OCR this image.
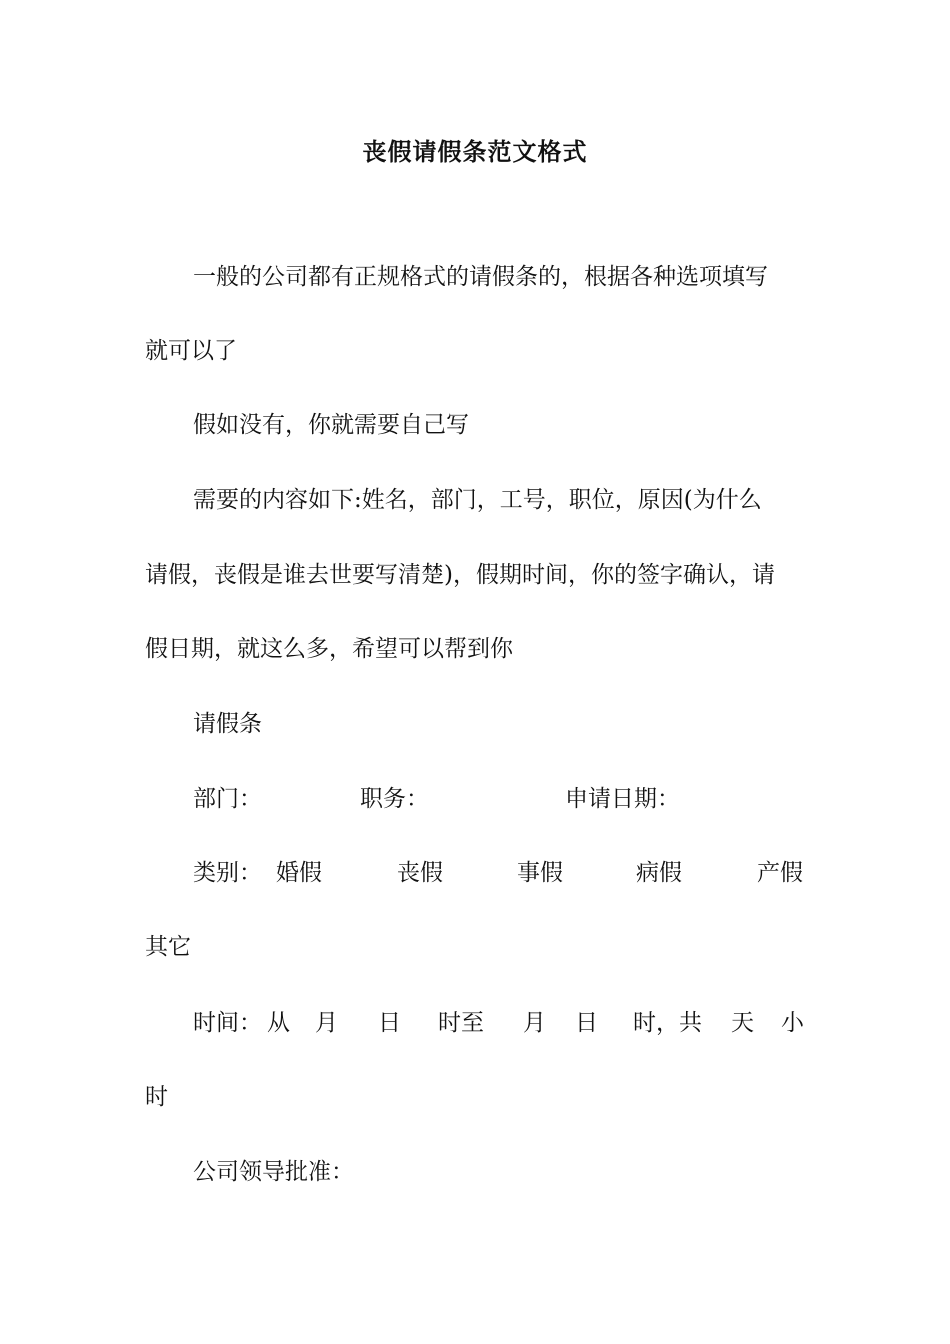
丧假请假条范文格式
一般的公司都有正规格式的请假条的，根据各种选项填写
就可以了
假如没有，你就需要自己写
需要的内容如下:姓名，部门，工号，职位，原因(为什么
请假，丧假是谁去世要写清楚)，假期时间，你的签字确认，请
假日期，就这么多，希望可以帮到你
请假条
部门：	职务：	申请日期：
类别： 婚假	丧假	事假	病假	产假
其它
时间： 从 月 日 时至 月 日 时，共 天 小
时
公司领导批准：
